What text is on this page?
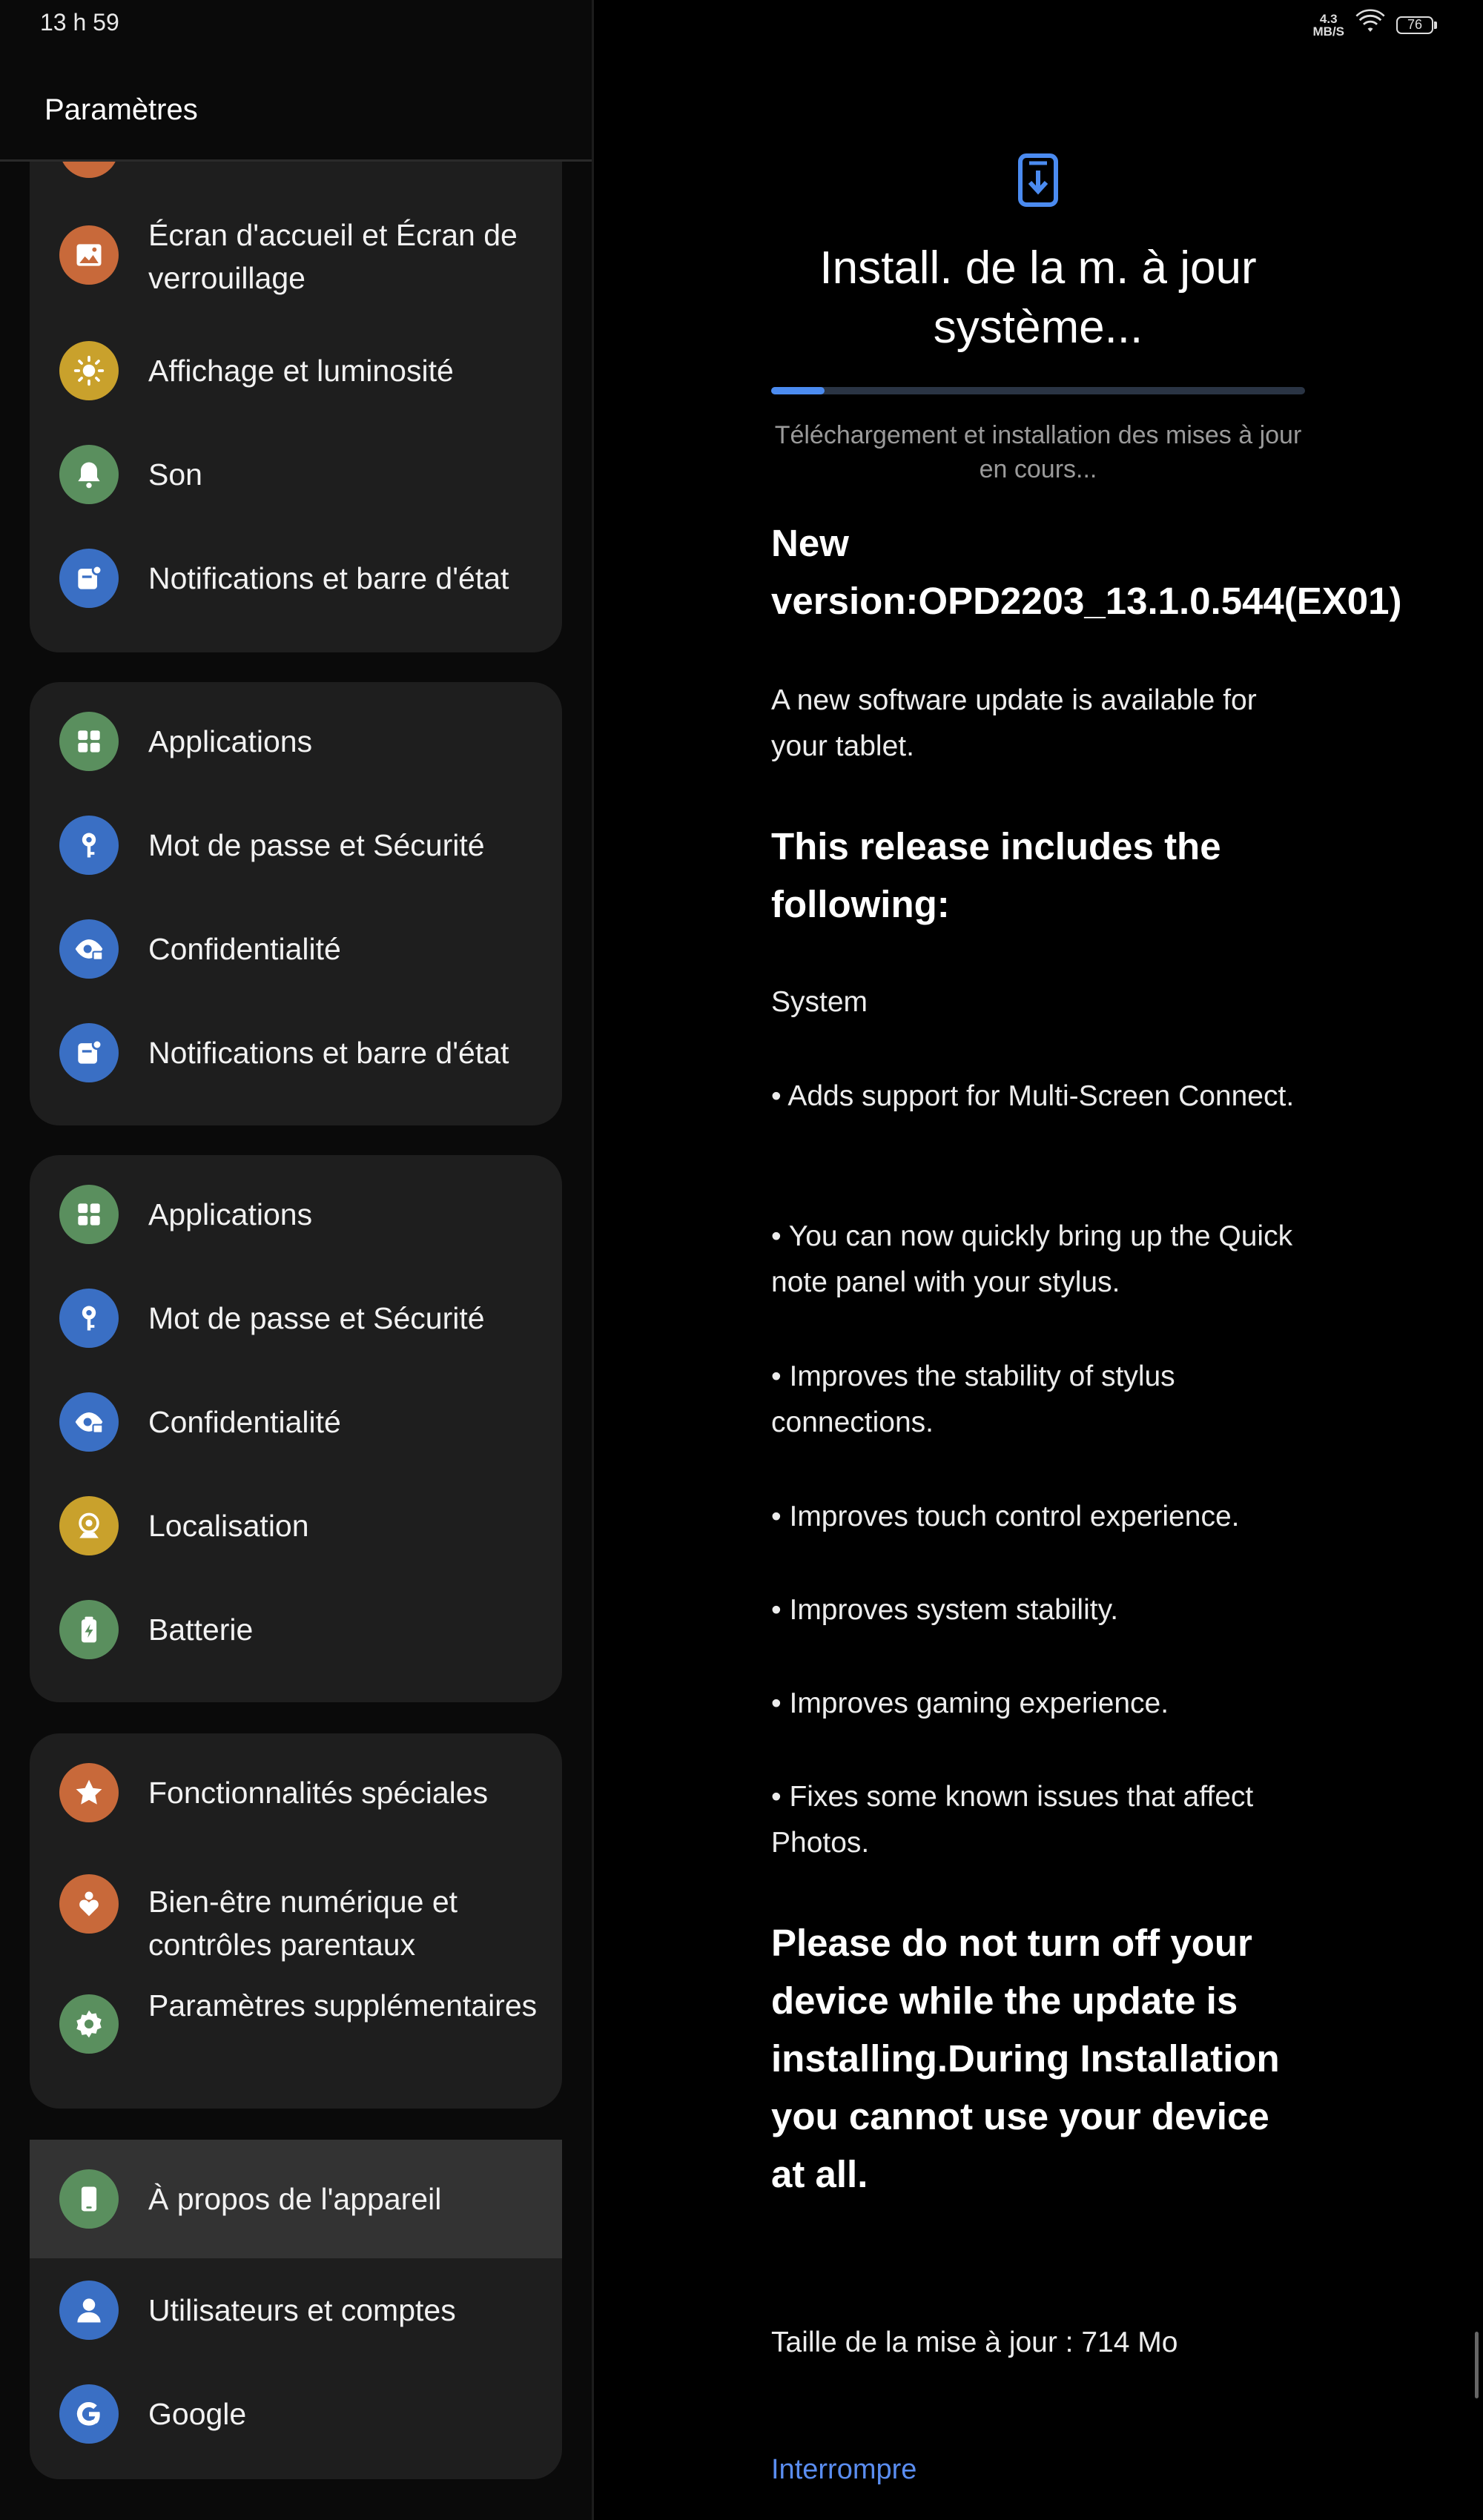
Écran d'accueil et Écran de verrouillage
Affichage et luminosité
Son
Notifications et barre d'état
Applications
Mot de passe et Sécurité
Confidentialité
Notifications et barre d'état
Applications
Mot de passe et Sécurité
Confidentialité
Localisation
Batterie
Fonctionnalités spéciales
Bien-être numérique et contrôles parentaux
Paramètres supplémentaires
À propos de l'appareil
Utilisateurs et comptes
Google
13 h 59
Paramètres
4.3
MB/S	76
Install. de la m. à jour système...
Téléchargement et installation des mises à jour en cours...
New version:OPD2203_13.1.0.544(EX01)
A new software update is available for your tablet.
This release includes the following:
System
• Adds support for Multi-Screen Connect.
• You can now quickly bring up the Quick note panel with your stylus.
• Improves the stability of stylus connections.
• Improves touch control experience.
• Improves system stability.
• Improves gaming experience.
• Fixes some known issues that affect Photos.
Please do not turn off your device while the update is installing.During Installation you cannot use your device at all.
Taille de la mise à jour : 714 Mo
Interrompre
